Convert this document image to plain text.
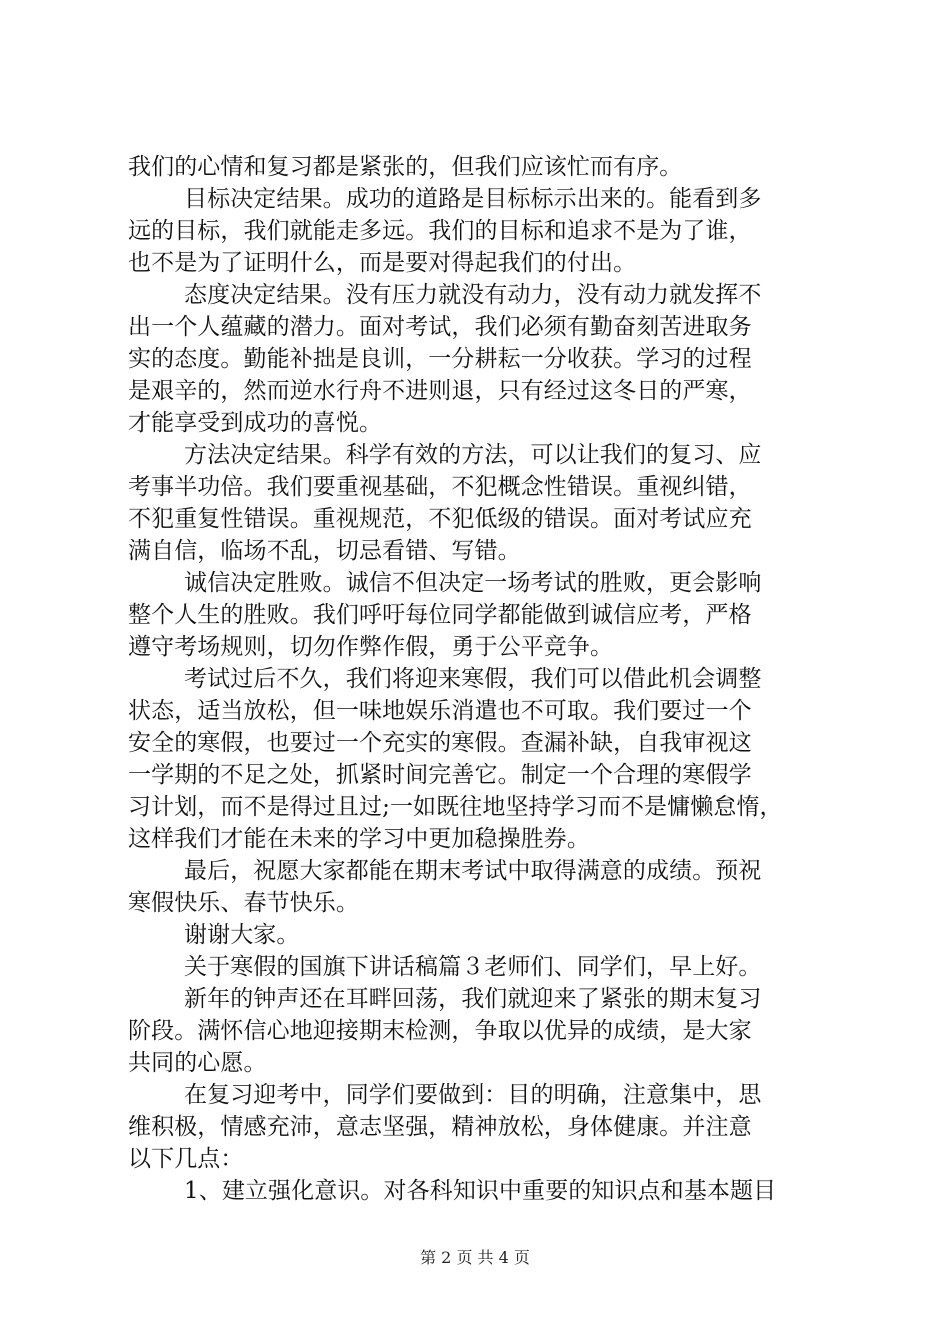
我们的心情和复习都是紧张的，但我们应该忙而有序。
目标决定结果。成功的道路是目标标示出来的。能看到多
远的目标，我们就能走多远。我们的目标和追求不是为了谁，
也不是为了证明什么，而是要对得起我们的付出。
态度决定结果。没有压力就没有动力，没有动力就发挥不
出一个人蕴藏的潜力。面对考试，我们必须有勤奋刻苦进取务
实的态度。勤能补拙是良训，一分耕耘一分收获。学习的过程
是艰辛的，然而逆水行舟不进则退，只有经过这冬日的严寒，
才能享受到成功的喜悦。
方法决定结果。科学有效的方法，可以让我们的复习、应
考事半功倍。我们要重视基础，不犯概念性错误。重视纠错，
不犯重复性错误。重视规范，不犯低级的错误。面对考试应充
满自信，临场不乱，切忌看错、写错。
诚信决定胜败。诚信不但决定一场考试的胜败，更会影响
整个人生的胜败。我们呼吁每位同学都能做到诚信应考，严格
遵守考场规则，切勿作弊作假，勇于公平竞争。
考试过后不久，我们将迎来寒假，我们可以借此机会调整
状态，适当放松，但一味地娱乐消遣也不可取。我们要过一个
安全的寒假，也要过一个充实的寒假。查漏补缺，自我审视这
一学期的不足之处，抓紧时间完善它。制定一个合理的寒假学
习计划，而不是得过且过;一如既往地坚持学习而不是慵懒怠惰，
这样我们才能在未来的学习中更加稳操胜券。
最后，祝愿大家都能在期末考试中取得满意的成绩。预祝
寒假快乐、春节快乐。
谢谢大家。
关于寒假的国旗下讲话稿篇３老师们、同学们，早上好。
新年的钟声还在耳畔回荡，我们就迎来了紧张的期末复习
阶段。满怀信心地迎接期末检测，争取以优异的成绩，是大家
共同的心愿。
在复习迎考中，同学们要做到：目的明确，注意集中，思
维积极，情感充沛，意志坚强，精神放松，身体健康。并注意
以下几点：
1、建立强化意识。对各科知识中重要的知识点和基本题目
第 2 页 共 4 页
